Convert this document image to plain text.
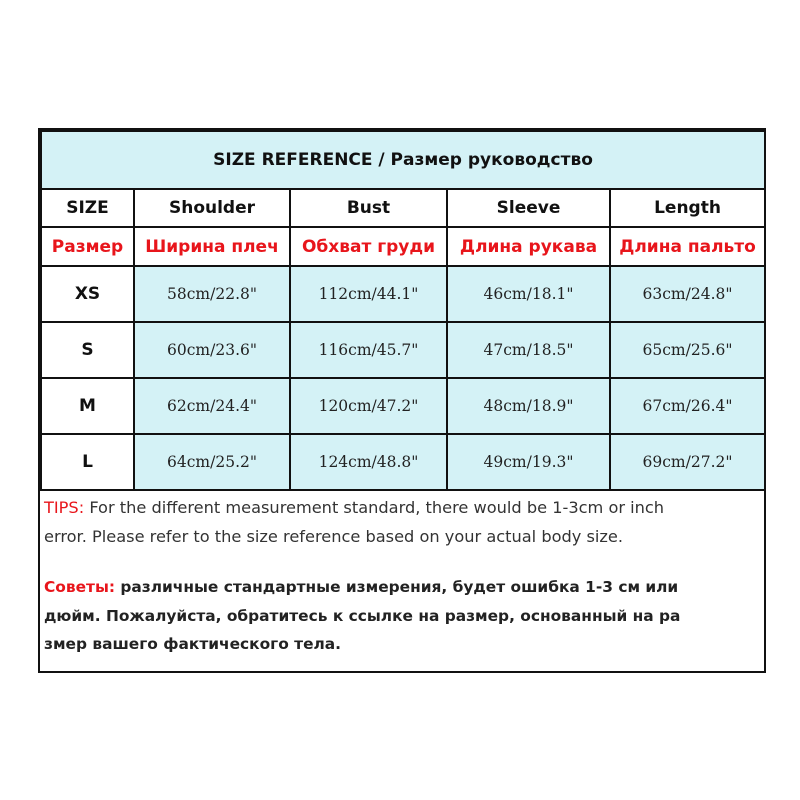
SIZE REFERENCE / Размер руководство				
SIZE	Shoulder	Bust	Sleeve	Length
Размер	Ширина плеч	Обхват груди	Длина рукава	Длина пальто
XS	58cm/22.8"	112cm/44.1"	46cm/18.1"	63cm/24.8"
S	60cm/23.6"	116cm/45.7"	47cm/18.5"	65cm/25.6"
M	62cm/24.4"	120cm/47.2"	48cm/18.9"	67cm/26.4"
L	64cm/25.2"	124cm/48.8"	49cm/19.3"	69cm/27.2"
TIPS: For the different measurement standard, there would be 1-3cm or inch
error. Please refer to the size reference based on your actual body size.
Советы: различные стандартные измерения, будет ошибка 1-3 см или
дюйм. Пожалуйста, обратитесь к ссылке на размер, основанный на ра
змер вашего фактического тела.
